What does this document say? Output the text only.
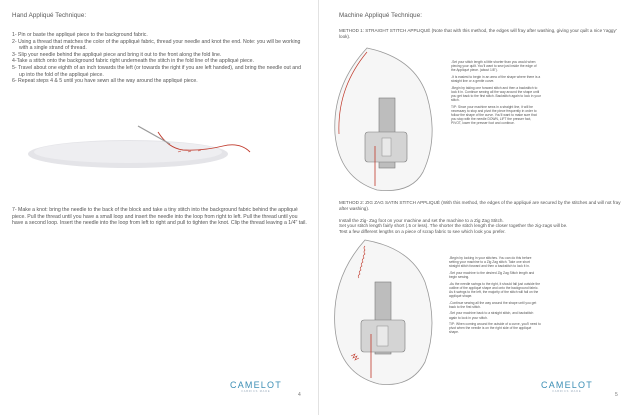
Hand Appliqué Technique:
1- Pin or baste the appliqué piece to the background fabric.
2- Using a thread that matches the color of the appliqué fabric, thread your needle and knot the end. Note: you will be working with a single strand of thread.
3- Slip your needle behind the appliqué piece and bring it out to the front along the fold line.
4-Take a stitch onto the background fabric right underneath the stitch in the fold line of the appliqué piece.
5- Travel about one eighth of an inch towards the left (or towards the right if you are left handed), and bring the needle out and up into the fold of the appliqué piece.
6- Repeat steps 4 & 5 until you have sewn all the way around the appliqué piece.
7- Make a knot: bring the needle to the back of the block and take a tiny stitch into the background fabric behind the appliqué piece. Pull the thread until you have a small loop and insert the needle into the loop from right to left. Pull the thread until you have a second loop. Insert the needle into the loop from left to right and pull to tighten the knot. Clip the thread leaving a 1/4" tail.
CAMELOT
FABRICS MADE
4
Machine Appliqué Technique:
METHOD 1: STRAIGHT STITCH APPLIQUÉ (Note that with this method, the edges will fray after washing, giving your quilt a nice 'raggy' look).

-Set your stitch length a little shorter than you would when piecing your quilt. You'll want to sew just inside the edge of the Appliqué piece. (about 1/8").

-It is easiest to begin in an area of the shape where there is a straight line or a gentle curve.

-Begin by taking one forward stitch and then a backstitch to lock it in. Continue sewing all the way around the shape until you get back to the first stitch. Backstitch again to lock in your stitch.

TIP: Since your machine sews in a straight line, it will be necessary to stop and pivot the piece frequently in order to follow the shape of the curve. You'll want to make sure that you stop with the needle DOWN, LIFT the presser foot, PIVOT, lower the presser foot and continue.

METHOD 2: ZIG ZAG SATIN STITCH APPLIQUÉ (With this method, the edges of the appliqué are secured by the stitches and will not fray after washing).
Install the Zig- Zag foot on your machine and set the machine to a Zig Zag Stitch.
Set your stitch length fairly short (.5 or less). The shorter the stitch length the closer together the zig-zags will be.
Test a few different lengths on a piece of scrap fabric to see which look you prefer.

-Begin by locking in your stitches. You can do this before setting your machine to a Zig Zag stitch. Take one short straight stitch forward and then a backstitch to lock it in.

-Set your machine to the desired Zig Zag Stitch length and begin sewing.

-As the needle swings to the right, it should fall just outside the outline of the appliqué shape and onto the background fabric. As it swings to the left, the majority of the stitch will fall on the appliqué shape.

-Continue sewing all the way around the shape until you get back to the first stitch.

-Set your machine back to a straight stitch, and backstitch again to lock in your stitch.

TIP: When coming around the outside of a curve, you'll need to pivot when the needle is on the right side of the appliqué shape.

CAMELOT
FABRICS MADE
5
